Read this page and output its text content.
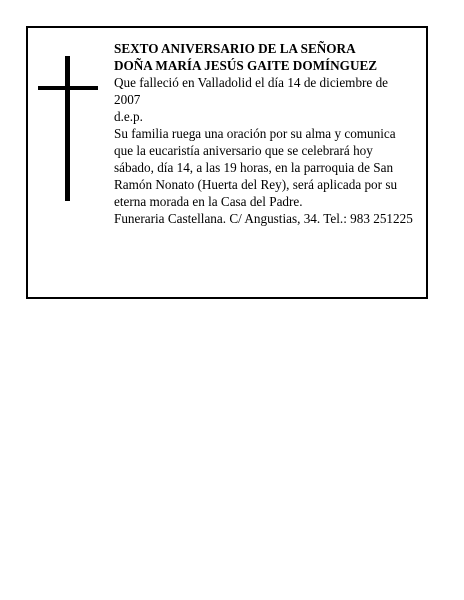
SEXTO ANIVERSARIO DE LA SEÑORA

DOÑA MARÍA JESÚS GAITE DOMÍNGUEZ

Que falleció en Valladolid el día 14 de diciembre de 2007

d.e.p.

Su familia ruega una oración por su alma y comunica que la eucaristía aniversario que se celebrará hoy sábado, día 14, a las 19 horas, en la parroquia de San Ramón Nonato (Huerta del Rey), será aplicada por su eterna morada en la Casa del Padre.

Funeraria Castellana. C/ Angustias, 34. Tel.: 983 251225
